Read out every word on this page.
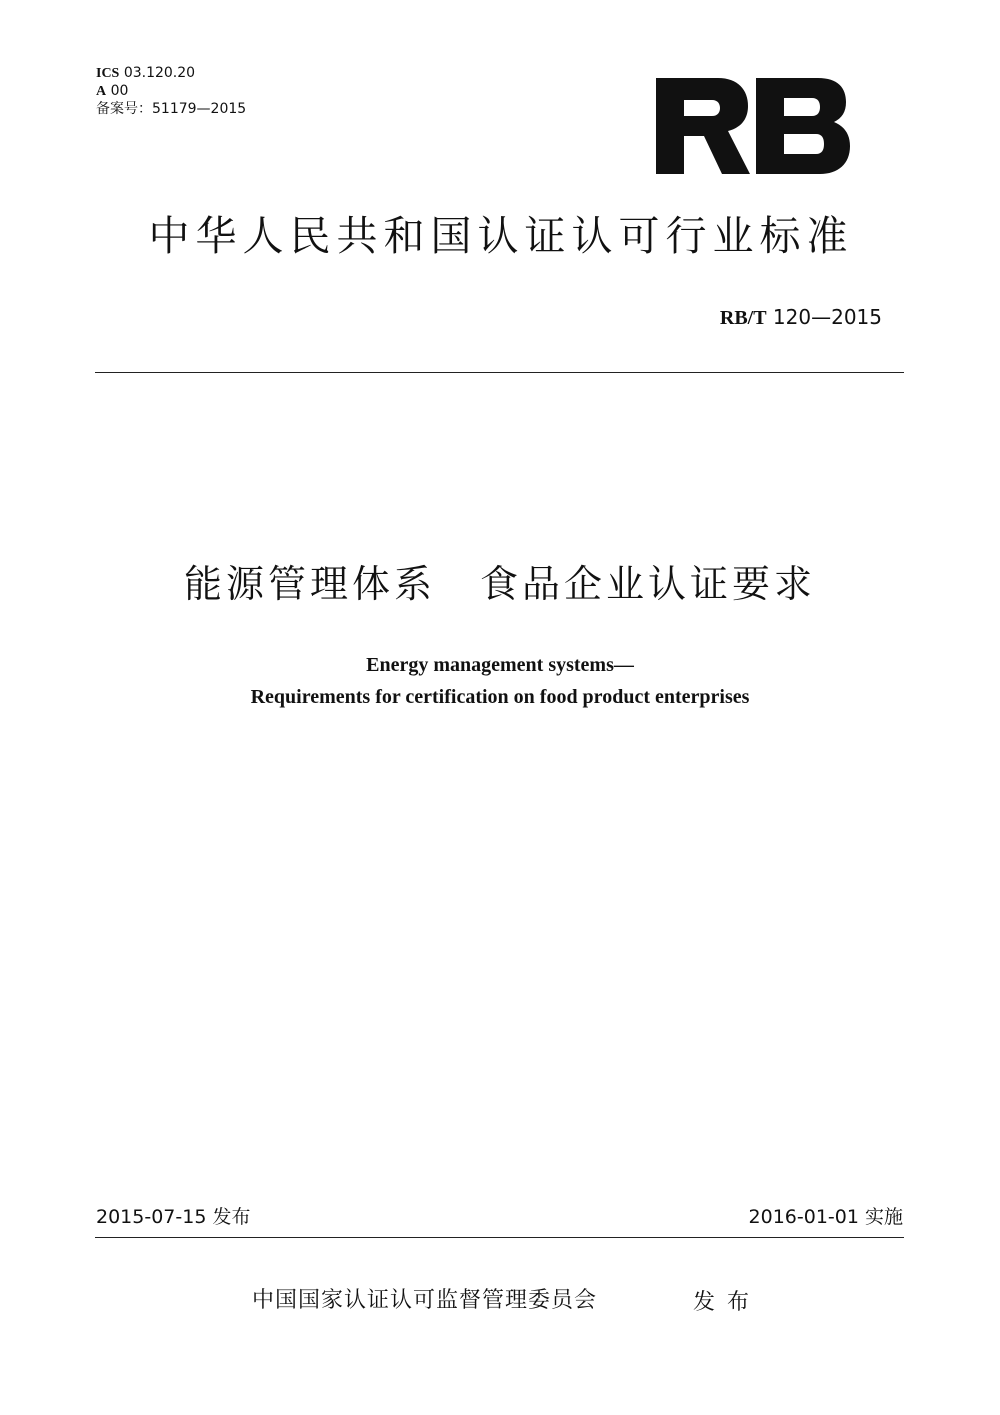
ICS 03.120.20
A 00
备案号：51179—2015
中华人民共和国认证认可行业标准
RB/T 120—2015
能源管理体系 食品企业认证要求
Energy management systems—
Requirements for certification on food product enterprises
2015-07-15 发布	2016-01-01 实施
中国国家认证认可监督管理委员会	发布
